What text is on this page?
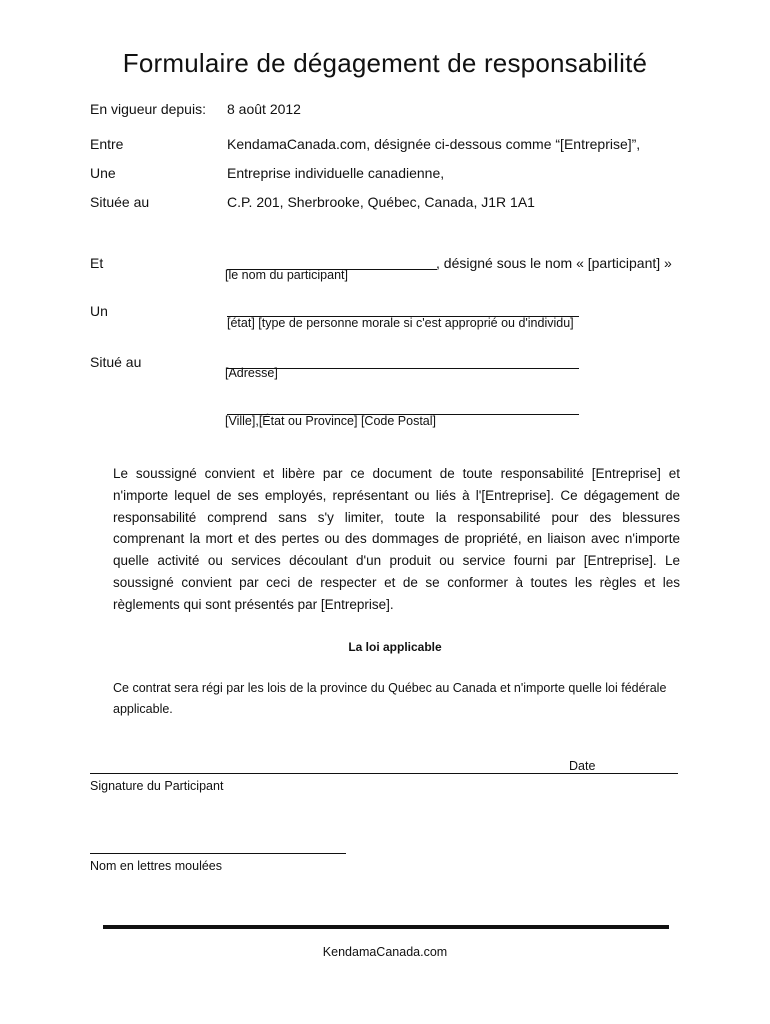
Formulaire de dégagement de responsabilité
En vigueur depuis: 8 août 2012
Entre	KendamaCanada.com, désignée ci-dessous comme “[Entreprise]”,
Une	Entreprise individuelle canadienne,
Située au	C.P. 201, Sherbrooke, Québec, Canada, J1R 1A1
Et	, désigné sous le nom « [participant] »
[le nom du participant]
Un
[état] [type de personne morale si c'est approprié ou d'individu]
Situé au
[Adresse]
[Ville],[État ou Province] [Code Postal]
Le soussigné convient et libère par ce document de toute responsabilité [Entreprise] et n'importe lequel de ses employés, représentant ou liés à l'[Entreprise]. Ce dégagement de responsabilité comprend sans s'y limiter, toute la responsabilité pour des blessures comprenant la mort et des pertes ou des dommages de propriété, en liaison avec n'importe quelle activité ou services découlant d'un produit ou service fourni par [Entreprise]. Le soussigné convient par ceci de respecter et de se conformer à toutes les règles et les règlements qui sont présentés par [Entreprise].
La loi applicable
Ce contrat sera régi par les lois de la province du Québec au Canada et n'importe quelle loi fédérale applicable.
Date
Signature du Participant
Nom en lettres moulées
KendamaCanada.com
